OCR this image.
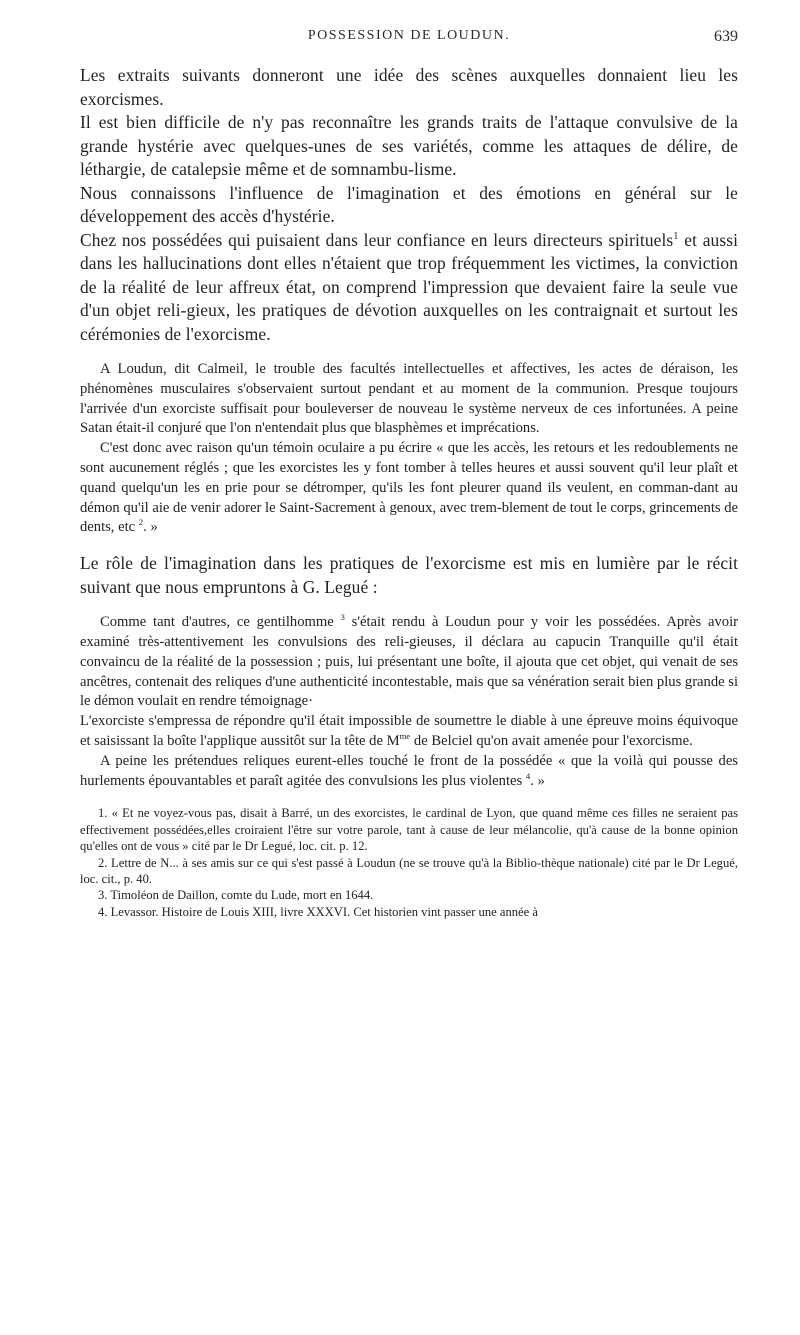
POSSESSION DE LOUDUN.	639

Les extraits suivants donneront une idée des scènes auxquelles donnaient lieu les exorcismes.

Il est bien difficile de n'y pas reconnaître les grands traits de l'attaque convulsive de la grande hystérie avec quelques-unes de ses variétés, comme les attaques de délire, de léthargie, de catalepsie même et de somnambu-lisme.

Nous connaissons l'influence de l'imagination et des émotions en général sur le développement des accès d'hystérie.

Chez nos possédées qui puisaient dans leur confiance en leurs directeurs spirituels$^1$ et aussi dans les hallucinations dont elles n'étaient que trop fréquemment les victimes, la conviction de la réalité de leur affreux état, on comprend l'impression que devaient faire la seule vue d'un objet reli-gieux, les pratiques de dévotion auxquelles on les contraignait et surtout les cérémonies de l'exorcisme.

A Loudun, dit Calmeil, le trouble des facultés intellectuelles et affectives, les actes de déraison, les phénomènes musculaires s'observaient surtout pendant et au moment de la communion. Presque toujours l'arrivée d'un exorciste suffisait pour bouleverser de nouveau le système nerveux de ces infortunées. A peine Satan était-il conjuré que l'on n'entendait plus que blasphèmes et imprécations.

C'est donc avec raison qu'un témoin oculaire a pu écrire « que les accès, les retours et les redoublements ne sont aucunement réglés ; que les exorcistes les y font tomber à telles heures et aussi souvent qu'il leur plaît et quand quelqu'un les en prie pour se détromper, qu'ils les font pleurer quand ils veulent, en comman-dant au démon qu'il aie de venir adorer le Saint-Sacrement à genoux, avec trem-blement de tout le corps, grincements de dents, etc $^2$. »

Le rôle de l'imagination dans les pratiques de l'exorcisme est mis en lumière par le récit suivant que nous empruntons à G. Legué :

Comme tant d'autres, ce gentilhomme $^3$ s'était rendu à Loudun pour y voir les possédées. Après avoir examiné très-attentivement les convulsions des reli-gieuses, il déclara au capucin Tranquille qu'il était convaincu de la réalité de la possession ; puis, lui présentant une boîte, il ajouta que cet objet, qui venait de ses ancêtres, contenait des reliques d'une authenticité incontestable, mais que sa vénération serait bien plus grande si le démon voulait en rendre témoignage·

L'exorciste s'empressa de répondre qu'il était impossible de soumettre le diable à une épreuve moins équivoque et saisissant la boîte l'applique aussitôt sur la tête de $M^{me}$ de Belciel qu'on avait amenée pour l'exorcisme.

A peine les prétendues reliques eurent-elles touché le front de la possédée « que la voilà qui pousse des hurlements épouvantables et paraît agitée des convulsions les plus violentes $^4$. »

1. « Et ne voyez-vous pas, disait à Barré, un des exorcistes, le cardinal de Lyon, que quand même ces filles ne seraient pas effectivement possédées,elles croiraient l'être sur votre parole, tant à cause de leur mélancolie, qu'à cause de la bonne opinion qu'elles ont de vous » cité par le Dr Legué, loc. cit. p. 12.

2. Lettre de N... à ses amis sur ce qui s'est passé à Loudun (ne se trouve qu'à la Biblio-thèque nationale) cité par le Dr Legué, loc. cit., p. 40.

3. Timoléon de Daillon, comte du Lude, mort en 1644.

4. Levassor. Histoire de Louis XIII, livre XXXVI. Cet historien vint passer une année à
